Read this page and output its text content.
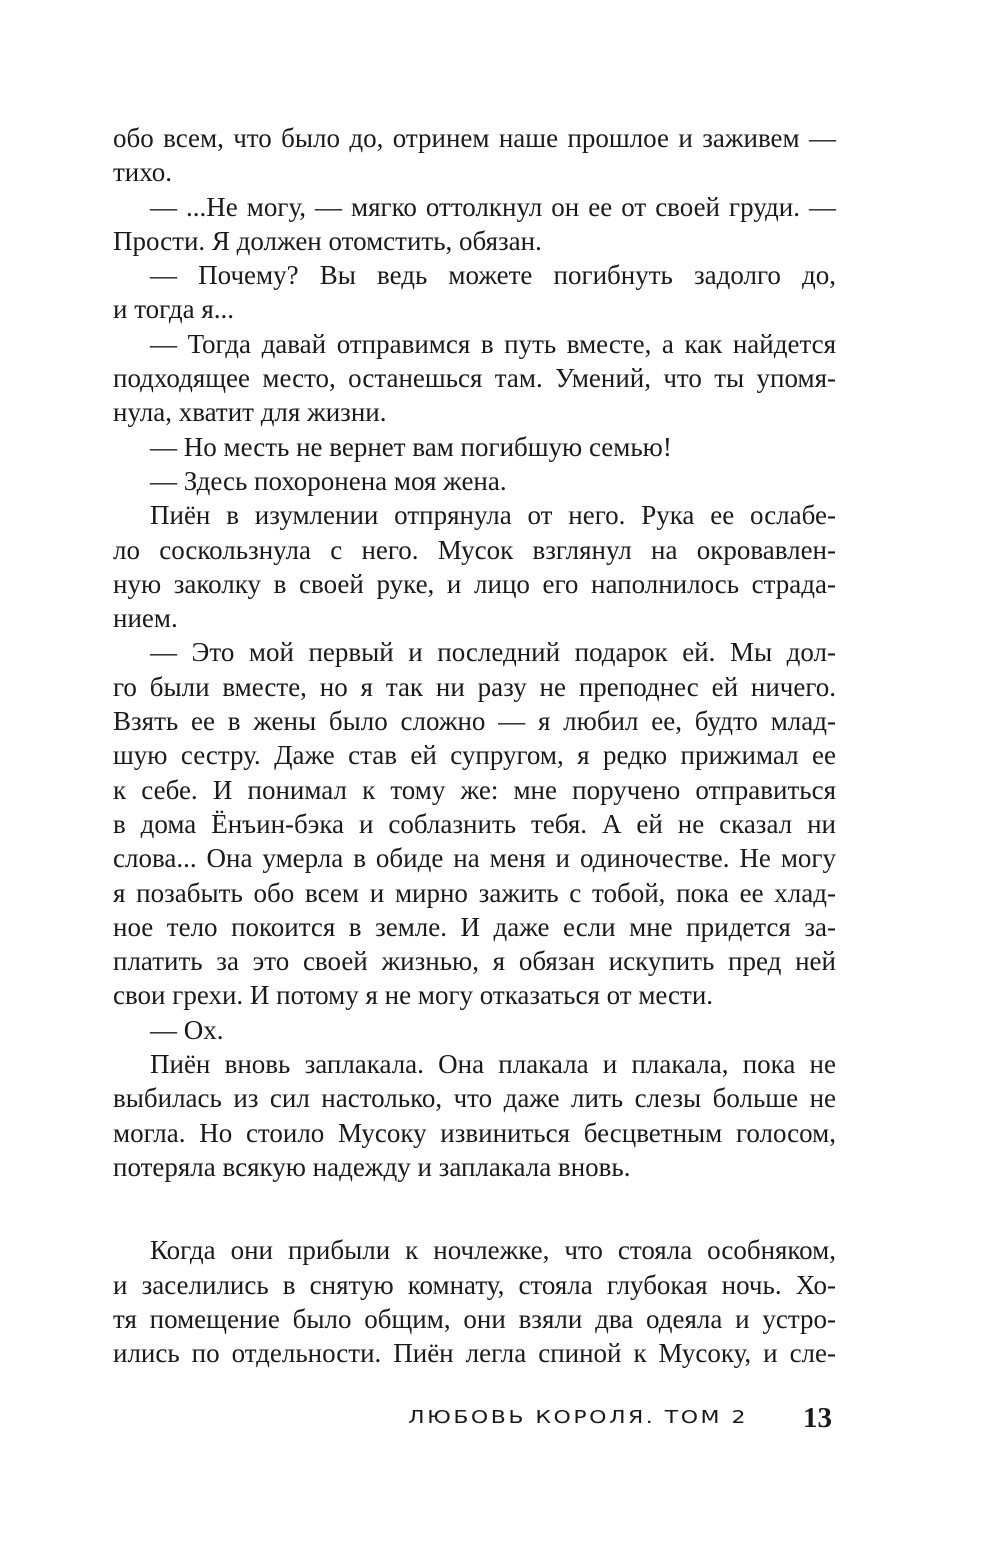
обо всем, что было до, отринем наше прошлое и заживем —
тихо.
— ...Не могу, — мягко оттолкнул он ее от своей груди. —
Прости. Я должен отомстить, обязан.
— Почему? Вы ведь можете погибнуть задолго до,
и тогда я...
— Тогда давай отправимся в путь вместе, а как найдется
подходящее место, останешься там. Умений, что ты упомя-
нула, хватит для жизни.
— Но месть не вернет вам погибшую семью!
— Здесь похоронена моя жена.
Пиён в изумлении отпрянула от него. Рука ее ослабе-
ло соскользнула с него. Мусок взглянул на окровавлен-
ную заколку в своей руке, и лицо его наполнилось страда-
нием.
— Это мой первый и последний подарок ей. Мы дол-
го были вместе, но я так ни разу не преподнес ей ничего.
Взять ее в жены было сложно — я любил ее, будто млад-
шую сестру. Даже став ей супругом, я редко прижимал ее
к себе. И понимал к тому же: мне поручено отправиться
в дома Ёнъин-бэка и соблазнить тебя. А ей не сказал ни
слова... Она умерла в обиде на меня и одиночестве. Не могу
я позабыть обо всем и мирно зажить с тобой, пока ее хлад-
ное тело покоится в земле. И даже если мне придется за-
платить за это своей жизнью, я обязан искупить пред ней
свои грехи. И потому я не могу отказаться от мести.
— Ох.
Пиён вновь заплакала. Она плакала и плакала, пока не
выбилась из сил настолько, что даже лить слезы больше не
могла. Но стоило Мусоку извиниться бесцветным голосом,
потеряла всякую надежду и заплакала вновь.
Когда они прибыли к ночлежке, что стояла особняком,
и заселились в снятую комнату, стояла глубокая ночь. Хо-
тя помещение было общим, они взяли два одеяла и устро-
ились по отдельности. Пиён легла спиной к Мусоку, и сле-
ЛЮБОВЬ КОРОЛЯ. ТОМ 2 13
